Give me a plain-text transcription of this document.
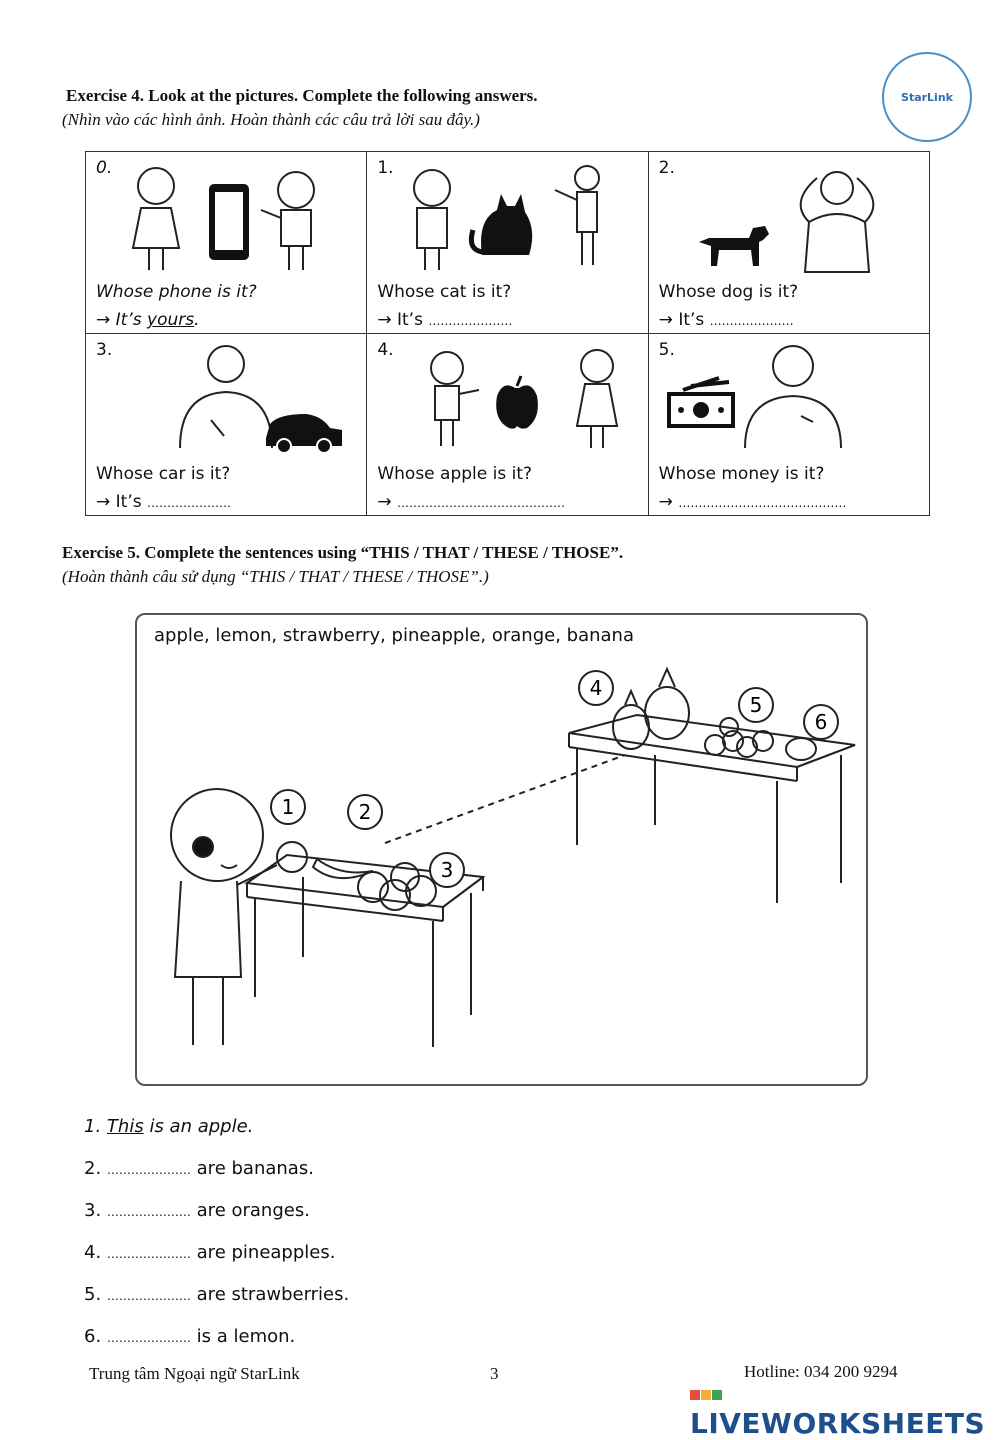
Exercise 4. Look at the pictures. Complete the following answers.
(Nhìn vào các hình ảnh. Hoàn thành các câu trả lời sau đây.)
StarLink
0.
Whose phone is it?
→ It’s yours.	1.
Whose cat is it?
→ It’s …………………	2.
Whose dog is it?
→ It’s …………………

3.
Whose car is it?
→ It’s …………………	4.
Whose apple is it?
→ ……………………………………	5.
Whose money is it?
→ ……………………………………
Exercise 5. Complete the sentences using “THIS / THAT / THESE / THOSE”.
(Hoàn thành câu sử dụng “THIS / THAT / THESE / THOSE”.)
apple, lemon, strawberry, pineapple, orange, banana
1	2
3
4
5
6
1. This is an apple.
2. ………………… are bananas.
3. ………………… are oranges.
4. ………………… are pineapples.
5. ………………… are strawberries.
6. ………………… is a lemon.
Trung tâm Ngoại ngữ StarLink	3	Hotline: 034 200 9294
LIVEWORKSHEETS
